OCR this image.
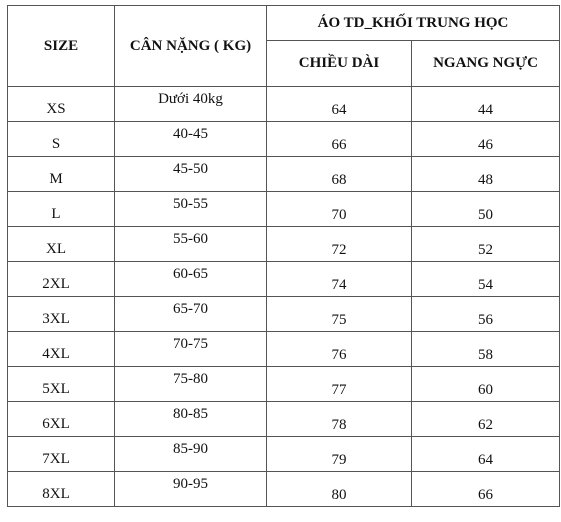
SIZE	CÂN NẶNG ( KG)	ÁO TD_KHỐI TRUNG HỌC	
		CHIỀU DÀI	NGANG NGỰC
XS	Dưới 40kg	64	44
S	40-45	66	46
M	45-50	68	48
L	50-55	70	50
XL	55-60	72	52
2XL	60-65	74	54
3XL	65-70	75	56
4XL	70-75	76	58
5XL	75-80	77	60
6XL	80-85	78	62
7XL	85-90	79	64
8XL	90-95	80	66
